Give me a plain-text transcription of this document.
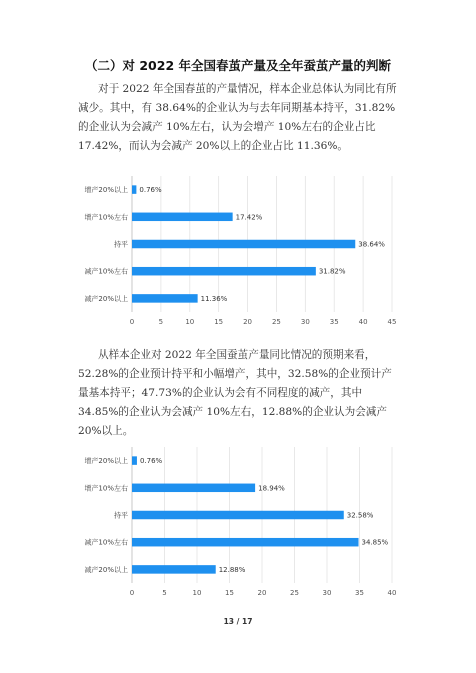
（二）对 2022 年全国春茧产量及全年蚕茧产量的判断
对于 2022 年全国春茧的产量情况，样本企业总体认为同比有所减少。其中，有 38.64%的企业认为与去年同期基本持平，31.82%的企业认为会减产 10%左右，认为会增产 10%左右的企业占比 17.42%，而认为会减产 20%以上的企业占比 11.36%。
0	5	10	15	20	25	30	35	40	45
增产20%以上 0.76%
增产10%左右	17.42%
持平	38.64%
减产10%左右	31.82%
减产20%以上	11.36%
从样本企业对 2022 年全国蚕茧产量同比情况的预期来看，52.28%的企业预计持平和小幅增产，其中，32.58%的企业预计产量基本持平；47.73%的企业认为会有不同程度的减产，其中 34.85%的企业认为会减产 10%左右，12.88%的企业认为会减产 20%以上。
0	5	10	15	20	25	30	35	40
增产20%以上 0.76%
增产10%左右	18.94%
持平	32.58%
减产10%左右	34.85%
减产20%以上	12.88%
13 / 17
